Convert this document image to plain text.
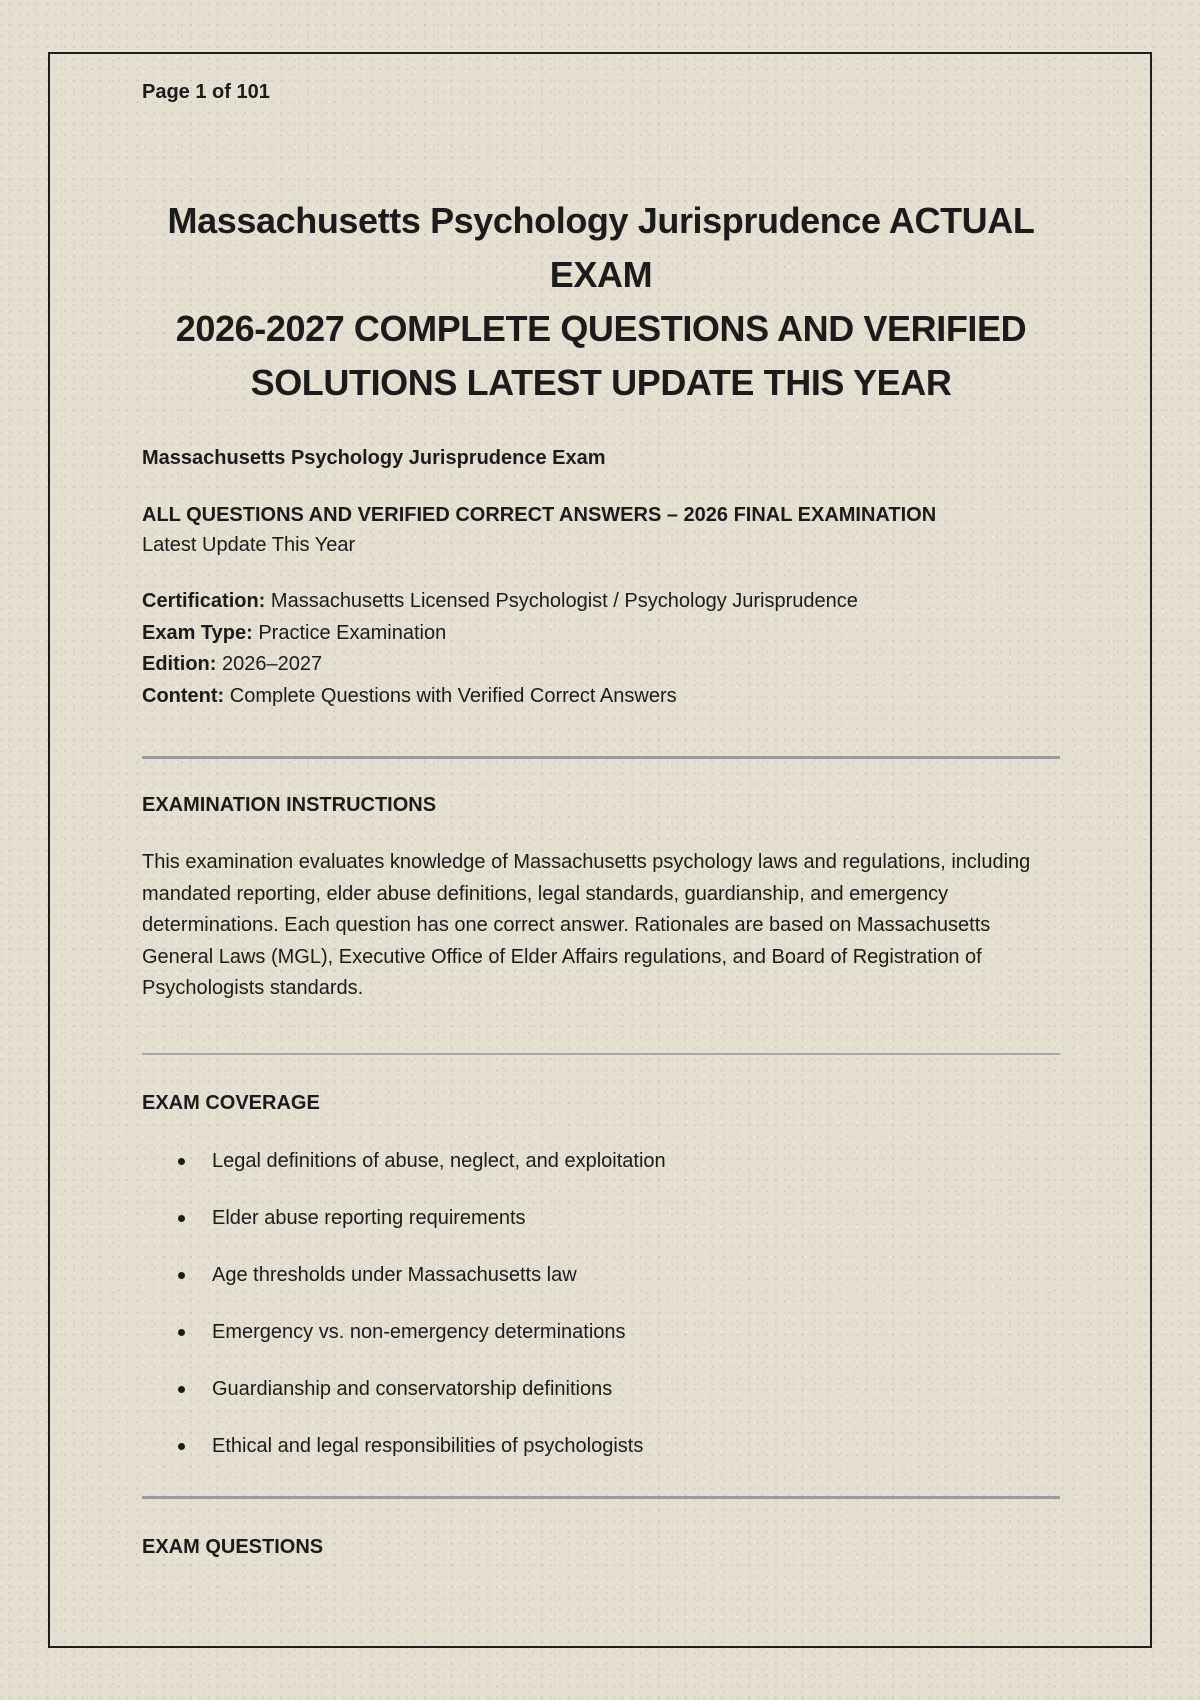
Page 1 of 101

Massachusetts Psychology Jurisprudence ACTUAL EXAM
2026-2027 COMPLETE QUESTIONS AND VERIFIED
SOLUTIONS LATEST UPDATE THIS YEAR
Massachusetts Psychology Jurisprudence Exam
ALL QUESTIONS AND VERIFIED CORRECT ANSWERS – 2026 FINAL EXAMINATION
Latest Update This Year
Certification: Massachusetts Licensed Psychologist / Psychology Jurisprudence
Exam Type: Practice Examination
Edition: 2026–2027
Content: Complete Questions with Verified Correct Answers
EXAMINATION INSTRUCTIONS
This examination evaluates knowledge of Massachusetts psychology laws and regulations, including mandated reporting, elder abuse definitions, legal standards, guardianship, and emergency determinations. Each question has one correct answer. Rationales are based on Massachusetts General Laws (MGL), Executive Office of Elder Affairs regulations, and Board of Registration of Psychologists standards.
EXAM COVERAGE
Legal definitions of abuse, neglect, and exploitation
Elder abuse reporting requirements
Age thresholds under Massachusetts law
Emergency vs. non-emergency determinations
Guardianship and conservatorship definitions
Ethical and legal responsibilities of psychologists
EXAM QUESTIONS
